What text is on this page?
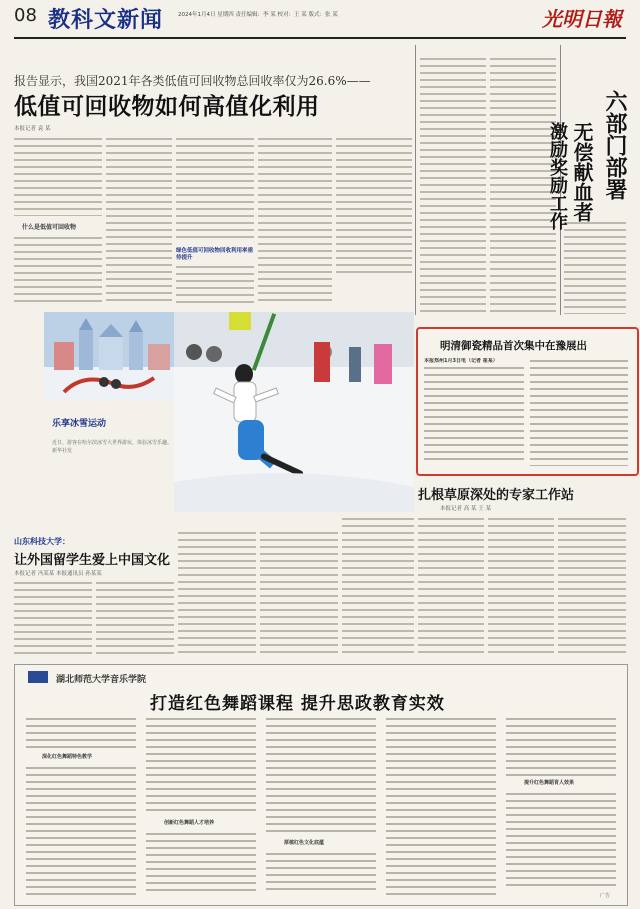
08 教科文新闻	2024年1月4日 星期四 责任编辑：李 某 校对：王 某 版式：张 某	光明日報
报告显示，我国2021年各类低值可回收物总回收率仅为26.6%——
低值可回收物如何高值化利用
本报记者 袁 某
什么是低值可回收物
绿色低值可回收物回收利用率亟待提升
六部门部署
无偿献血者
激励奖励工作
乐享冰雪运动
近日，游客在哈尔滨冰雪大世界游玩，体验冰雪乐趣。新华社发
明清御瓷精品首次集中在豫展出
本报郑州1月3日电（记者 崔某）
扎根草原深处的专家工作站
本报记者 高 某 王 某
山东科技大学：
让外国留学生爱上中国文化
本报记者 冯某某 本报通讯员 孙某某
湖北师范大学音乐学院
打造红色舞蹈课程 提升思政教育实效
深化红色舞蹈特色教学
创新红色舞蹈人才培养
厚植红色文化底蕴
提升红色舞蹈育人效果
广告
